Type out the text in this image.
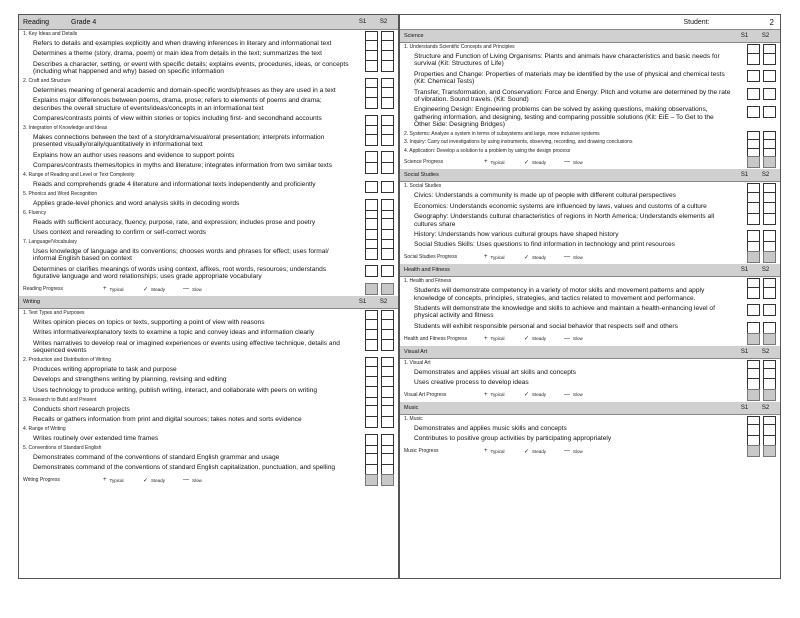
Reading	Grade 4	S1	S2
1. Key Ideas and Details
Refers to details and examples explicitly and when drawing inferences in literary and informational text
Determines a theme (story, drama, poem) or main idea from details in the text; summarizes the text
Describes a character, setting, or event with specific details; explains events, procedures, ideas, or concepts (including what happened and why) based on specific information
2. Craft and Structure
Determines meaning of general academic and domain-specific words/phrases as they are used in a text
Explains major differences between poems, drama, prose; refers to elements of poems and drama; describes the overall structure of events/ideas/concepts in an informational text
Compares/contrasts points of view within stories or topics including first- and secondhand accounts
3. Integration of Knowledge and Ideas
Makes connections between the text of a story/drama/visual/oral presentation; interprets information presented visually/orally/quantitatively in informational text
Explains how an author uses reasons and evidence to support points
Compares/contrasts themes/topics in myths and literature; integrates information from two similar texts
4. Range of Reading and Level or Text Complexity
Reads and comprehends grade 4 literature and informational texts independently and proficiently
5. Phonics and Word Recognition
Applies grade-level phonics and word analysis skills in decoding words
6. Fluency
Reads with sufficient accuracy, fluency, purpose, rate, and expression; includes prose and poetry
Uses context and rereading to confirm or self-correct words
7. Language/Vocabulary
Uses knowledge of language and its conventions; chooses words and phrases for effect; uses formal/ informal English based on context
Determines or clarifies meanings of words using context, affixes, root words, resources; understands figurative language and word relationships; uses grade appropriate vocabulary
Reading Progress	+ Typical	✓ Steady	— Slow
Writing	S1	S2
1. Text Types and Purposes
Writes opinion pieces on topics or texts, supporting a point of view with reasons
Writes informative/explanatory texts to examine a topic and convey ideas and information clearly
Writes narratives to develop real or imagined experiences or events using effective technique, details and sequenced events
2. Production and Distribution of Writing
Produces writing appropriate to task and purpose
Develops and strengthens writing by planning, revising and editing
Uses technology to produce writing, publish writing, interact, and collaborate with peers on writing
3. Research to Build and Present
Conducts short research projects
Recalls or gathers information from print and digital sources; takes notes and sorts evidence
4. Range of Writing
Writes routinely over extended time frames
5. Conventions of Standard English
Demonstrates command of the conventions of standard English grammar and usage
Demonstrates command of the conventions of standard English capitalization, punctuation, and spelling
Writing Progress	+ Typical	✓ Steady	— Slow
Student:	2
Science	S1	S2
1. Understands Scientific Concepts and Principles
Structure and Function of Living Organisms: Plants and animals have characteristics and basic needs for survival (Kit: Structures of Life)
Properties and Change: Properties of materials may be identified by the use of physical and chemical tests (Kit: Chemical Tests)
Transfer, Transformation, and Conservation: Force and Energy: Pitch and volume are determined by the rate of vibration. Sound travels. (Kit: Sound)
Engineering Design: Engineering problems can be solved by asking questions, making observations, gathering information, and designing, testing and comparing possible solutions (Kit: EiE – To Get to the Other Side: Designing Bridges)
2. Systems: Analyze a system in terms of subsystems and large, more inclusive systems
3. Inquiry: Carry out investigations by using instruments, observing, recording, and drawing conclusions
4. Application: Develop a solution to a problem by using the design process
Science Progress	+ Typical	✓ Steady	— Slow
Social Studies	S1	S2
1. Social Studies
Civics: Understands a community is made up of people with different cultural perspectives
Economics: Understands economic systems are influenced by laws, values and customs of a culture
Geography: Understands cultural characteristics of regions in North America; Understands elements all cultures share
History: Understands how various cultural groups have shaped history
Social Studies Skills: Uses questions to find information in technology and print resources
Social Studies Progress	+ Typical	✓ Steady	— Slow
Health and Fitness	S1	S2
1. Health and Fitness
Students will demonstrate competency in a variety of motor skills and movement patterns and apply knowledge of concepts, principles, strategies, and tactics related to movement and performance.
Students will demonstrate the knowledge and skills to achieve and maintain a health-enhancing level of physical activity and fitness
Students will exhibit responsible personal and social behavior that respects self and others
Health and Fitness Progress	+ Typical	✓ Steady	— Slow
Visual Art	S1	S2
1. Visual Art
Demonstrates and applies visual art skills and concepts
Uses creative process to develop ideas
Visual Art Progress	+ Typical	✓ Steady	— Slow
Music	S1	S2
1. Music
Demonstrates and applies music skills and concepts
Contributes to positive group activities by participating appropriately
Music Progress	+ Typical	✓ Steady	— Slow
